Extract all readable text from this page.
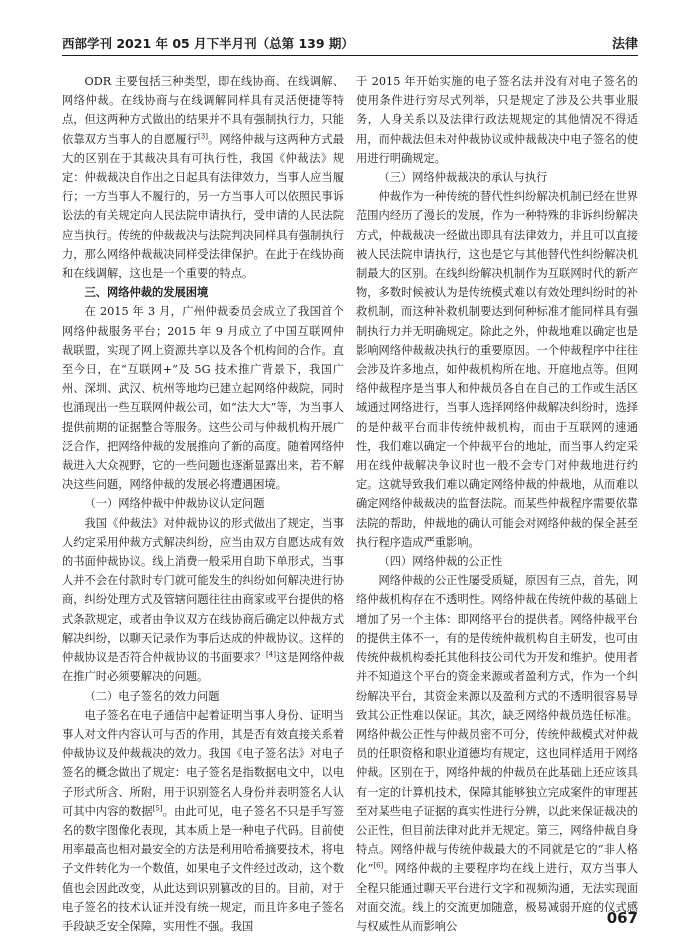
西部学刊 2021 年 05 月下半月刊（总第 139 期）	法律

ODR 主要包括三种类型，即在线协商、在线调解、网络仲裁。在线协商与在线调解同样具有灵活便捷等特点，但这两种方式做出的结果并不具有强制执行力，只能依靠双方当事人的自愿履行[3]。网络仲裁与这两种方式最大的区别在于其裁决具有可执行性，我国《仲裁法》规定：仲裁裁决自作出之日起具有法律效力，当事人应当履行；一方当事人不履行的，另一方当事人可以依照民事诉讼法的有关规定向人民法院申请执行，受申请的人民法院应当执行。传统的仲裁裁决与法院判决同样具有强制执行力，那么网络仲裁裁决同样受法律保护。在此于在线协商和在线调解，这也是一个重要的特点。

三、网络仲裁的发展困境

在 2015 年 3 月，广州仲裁委员会成立了我国首个网络仲裁服务平台；2015 年 9 月成立了中国互联网仲裁联盟，实现了网上资源共享以及各个机构间的合作。直至今日，在“互联网+”及 5G 技术推广背景下，我国广州、深圳、武汉、杭州等地均已建立起网络仲裁院，同时也涌现出一些互联网仲裁公司，如“法大大”等，为当事人提供前期的证据整合等服务。这些公司与仲裁机构开展广泛合作，把网络仲裁的发展推向了新的高度。随着网络仲裁进入大众视野，它的一些问题也逐渐显露出来，若不解决这些问题，网络仲裁的发展必将遭遇困境。

（一）网络仲裁中仲裁协议认定问题

我国《仲裁法》对仲裁协议的形式做出了规定，当事人约定采用仲裁方式解决纠纷，应当由双方自愿达成有效的书面仲裁协议。线上消费一般采用自助下单形式，当事人并不会在付款时专门就可能发生的纠纷如何解决进行协商，纠纷处理方式及管辖问题往往由商家或平台提供的格式条款规定，或者由争议双方在线协商后确定以仲裁方式解决纠纷，以聊天记录作为事后达成的仲裁协议。这样的仲裁协议是否符合仲裁协议的书面要求？[4]这是网络仲裁在推广时必须要解决的问题。

（二）电子签名的效力问题

电子签名在电子通信中起着证明当事人身份、证明当事人对文件内容认可与否的作用，其是否有效直接关系着仲裁协议及仲裁裁决的效力。我国《电子签名法》对电子签名的概念做出了规定：电子签名是指数据电文中，以电子形式所含、所附，用于识别签名人身份并表明签名人认可其中内容的数据[5]。由此可见，电子签名不只是手写签名的数字图像化表现，其本质上是一种电子代码。目前使用率最高也相对最安全的方法是利用哈希摘要技术，将电子文件转化为一个数值，如果电子文件经过改动，这个数值也会因此改变，从此达到识别篡改的目的。目前，对于电子签名的技术认证并没有统一规定，而且许多电子签名手段缺乏安全保障，实用性不强。我国

于 2015 年开始实施的电子签名法并没有对电子签名的使用条件进行穷尽式列举，只是规定了涉及公共事业服务，人身关系以及法律行政法规规定的其他情况不得适用，而仲裁法但未对仲裁协议或仲裁裁决中电子签名的使用进行明确规定。

（三）网络仲裁裁决的承认与执行

仲裁作为一种传统的替代性纠纷解决机制已经在世界范围内经历了漫长的发展，作为一种特殊的非诉纠纷解决方式，仲裁裁决一经做出即具有法律效力，并且可以直接被人民法院申请执行，这也是它与其他替代性纠纷解决机制最大的区别。在线纠纷解决机制作为互联网时代的新产物，多数时候被认为是传统模式难以有效处理纠纷时的补救机制，而这种补救机制要达到何种标准才能同样具有强制执行力并无明确规定。除此之外，仲裁地难以确定也是影响网络仲裁裁决执行的重要原因。一个仲裁程序中往往会涉及许多地点，如仲裁机构所在地、开庭地点等。但网络仲裁程序是当事人和仲裁员各自在自己的工作或生活区域通过网络进行，当事人选择网络仲裁解决纠纷时，选择的是仲裁平台而非传统仲裁机构，而由于互联网的速通性，我们难以确定一个仲裁平台的地址，而当事人约定采用在线仲裁解决争议时也一般不会专门对仲裁地进行约定。这就导致我们难以确定网络仲裁的仲裁地，从而难以确定网络仲裁裁决的监督法院。而某些仲裁程序需要依靠法院的帮助，仲裁地的确认可能会对网络仲裁的保全甚至执行程序造成严重影响。

（四）网络仲裁的公正性

网络仲裁的公正性屡受质疑，原因有三点，首先，网络仲裁机构存在不透明性。网络仲裁在传统仲裁的基础上增加了另一个主体：即网络平台的提供者。网络仲裁平台的提供主体不一，有的是传统仲裁机构自主研发，也可由传统仲裁机构委托其他科技公司代为开发和维护。使用者并不知道这个平台的资金来源或者盈利方式，作为一个纠纷解决平台，其资金来源以及盈利方式的不透明很容易导致其公正性难以保证。其次，缺乏网络仲裁员选任标准。网络仲裁公正性与仲裁员密不可分，传统仲裁模式对仲裁员的任职资格和职业道德均有规定，这也同样适用于网络仲裁。区别在于，网络仲裁的仲裁员在此基础上还应该具有一定的计算机技术，保障其能够独立完成案件的审理甚至对某些电子证据的真实性进行分辨，以此来保证裁决的公正性，但目前法律对此并无规定。第三，网络仲裁自身特点。网络仲裁与传统仲裁最大的不同就是它的“非人格化”[6]。网络仲裁的主要程序均在线上进行，双方当事人全程只能通过聊天平台进行文字和视频沟通，无法实现面对面交流。线上的交流更加随意，极易减弱开庭的仪式感与权威性从而影响公	067
